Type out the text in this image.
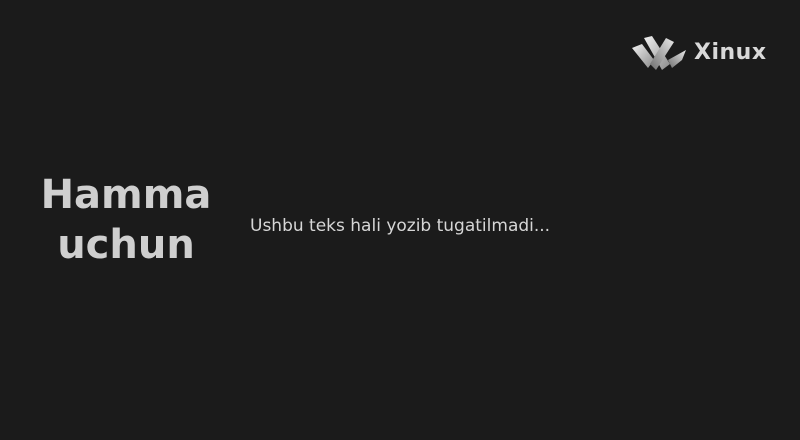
Xinux
Hamma
uchun	Ushbu teks hali yozib tugatilmadi...
